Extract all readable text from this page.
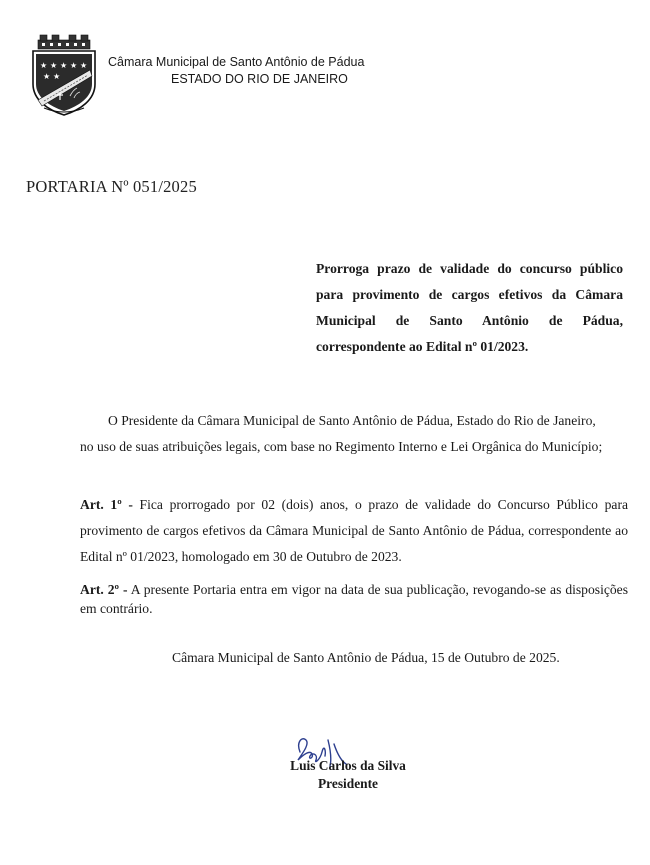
★ ★ ★ ★ ★
★ ★
Câmara Municipal de Santo Antônio de Pádua
ESTADO DO RIO DE JANEIRO
PORTARIA Nº 051/2025
Prorroga prazo de validade do concurso público para provimento de cargos efetivos da Câmara Municipal de Santo Antônio de Pádua, correspondente ao Edital nº 01/2023.
O Presidente da Câmara Municipal de Santo Antônio de Pádua, Estado do Rio de Janeiro,
no uso de suas atribuições legais, com base no Regimento Interno e Lei Orgânica do Município;
Art. 1º - Fica prorrogado por 02 (dois) anos, o prazo de validade do Concurso Público para provimento de cargos efetivos da Câmara Municipal de Santo Antônio de Pádua, correspondente ao Edital nº 01/2023, homologado em 30 de Outubro de 2023.
Art. 2º - A presente Portaria entra em vigor na data de sua publicação, revogando-se as disposições em contrário.
Câmara Municipal de Santo Antônio de Pádua, 15 de Outubro de 2025.
Luis Carlos da Silva
Presidente
